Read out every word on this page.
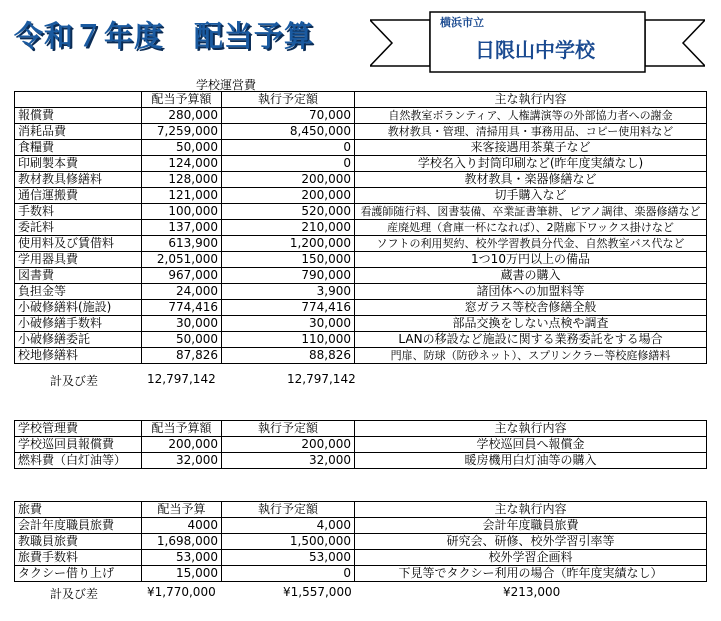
令和７年度　配当予算	横浜市立
日限山中学校
学校運営費
	配当予算額	執行予定額	主な執行内容
報償費	280,000	70,000	自然教室ボランティア、人権講演等の外部協力者への謝金
消耗品費	7,259,000	8,450,000	教材教具・管理、清掃用具・事務用品、コピー使用料など
食糧費	50,000	0	来客接遇用茶菓子など
印刷製本費	124,000	0	学校名入り封筒印刷など(昨年度実績なし)
教材教具修繕料	128,000	200,000	教材教具・楽器修繕など
通信運搬費	121,000	200,000	切手購入など
手数料	100,000	520,000	看護師随行料、図書装備、卒業証書筆耕、ピアノ調律、楽器修繕など
委託料	137,000	210,000	産廃処理（倉庫一杯になれば）、2階廊下ワックス掛けなど
使用料及び賃借料	613,900	1,200,000	ソフトの利用契約、校外学習教員分代金、自然教室バス代など
学用器具費	2,051,000	150,000	1つ10万円以上の備品
図書費	967,000	790,000	蔵書の購入
負担金等	24,000	3,900	諸団体への加盟料等
小破修繕料(施設)	774,416	774,416	窓ガラス等校舎修繕全般
小破修繕手数料	30,000	30,000	部品交換をしない点検や調査
小破修繕委託	50,000	110,000	LANの移設など施設に関する業務委託をする場合
校地修繕料	87,826	88,826	門扉、防球（防砂ネット）、スプリンクラー等校庭修繕料
計及び差	12,797,142	12,797,142
学校管理費	配当予算額	執行予定額	主な執行内容
学校巡回員報償費	200,000	200,000	学校巡回員へ報償金
燃料費（白灯油等）	32,000	32,000	暖房機用白灯油等の購入
旅費	配当予算	執行予定額	主な執行内容
会計年度職員旅費	4000	4,000	会計年度職員旅費
教職員旅費	1,698,000	1,500,000	研究会、研修、校外学習引率等
旅費手数料	53,000	53,000	校外学習企画料
タクシー借り上げ	15,000	0	下見等でタクシー利用の場合（昨年度実績なし）
計及び差	¥1,770,000	¥1,557,000	¥213,000
